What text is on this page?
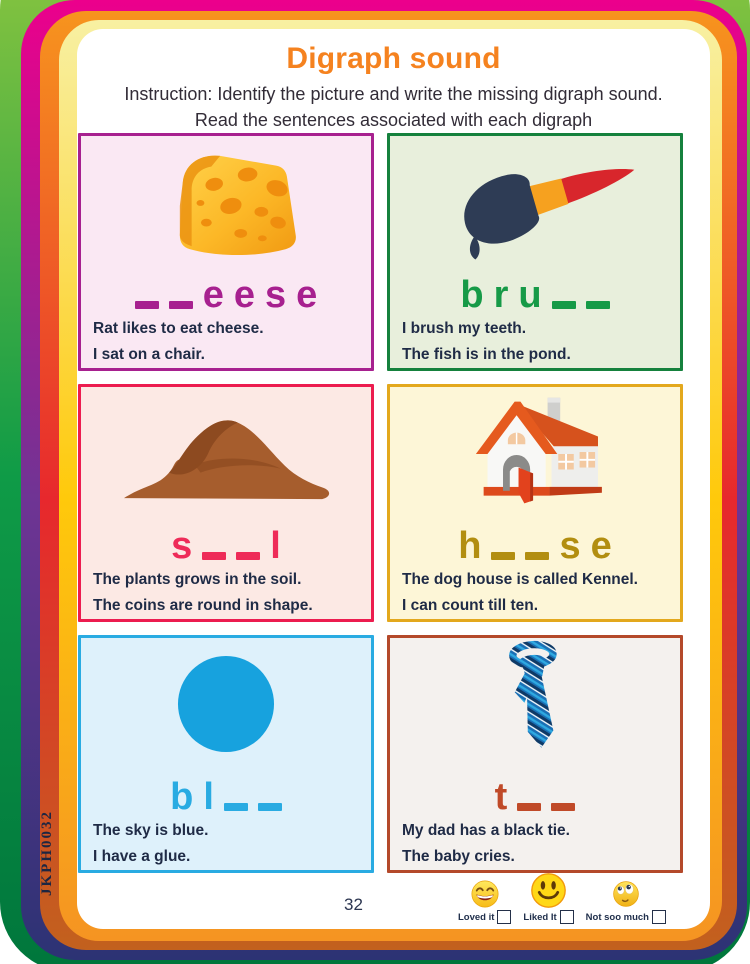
JKPH0032
Digraph sound
Instruction: Identify the picture and write the missing digraph sound.
Read the sentences associated with each digraph
e e s e
Rat likes to eat cheese.
I sat on a chair.
b r u
I brush my teeth.
The fish is in the pond.
s l
The plants grows in the soil.
The coins are round in shape.
h s e
The dog house is called Kennel.
I can count till ten.
b l
The sky is blue.
I have a glue.
t
My dad has a black tie.
The baby cries.
32
Loved it	Liked It	Not soo much
